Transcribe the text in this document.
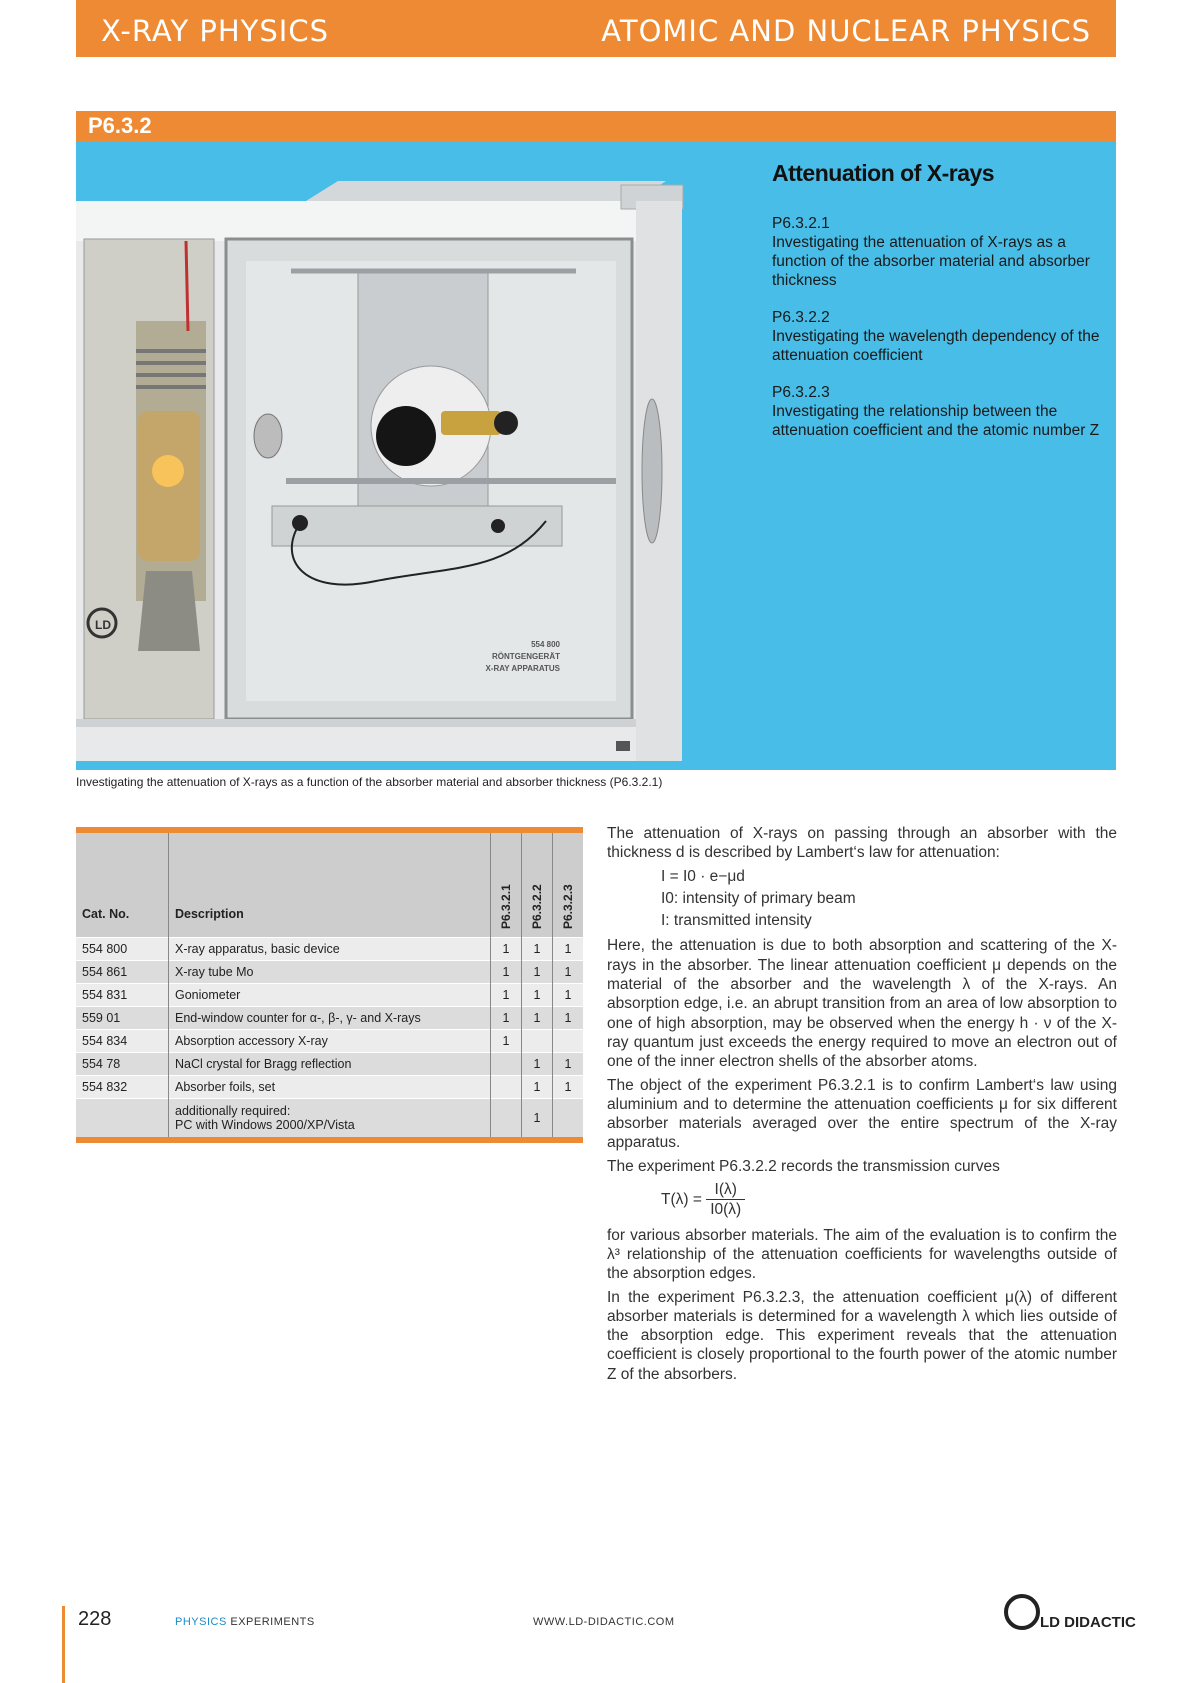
X-RAY PHYSICS	ATOMIC AND NUCLEAR PHYSICS
P6.3.2
LD
554 800
RÖNTGENGERÄT
X-RAY APPARATUS
Attenuation of X-rays
P6.3.2.1
Investigating the attenuation of X-rays as a function of the absorber material and absorber thickness
P6.3.2.2
Investigating the wavelength dependency of the attenuation coefficient
P6.3.2.3
Investigating the relationship between the attenuation coefficient and the atomic number Z
Investigating the attenuation of X-rays as a function of the absorber material and absorber thickness (P6.3.2.1)
Cat. No.	Description	P6.3.2.1	P6.3.2.2	P6.3.2.3

554 800	X-ray apparatus, basic device	1	1	1
554 861	X-ray tube Mo	1	1	1
554 831	Goniometer	1	1	1
559 01	End-window counter for α-, β-, γ- and X-rays	1	1	1
554 834	Absorption accessory X-ray	1		
554 78	NaCl crystal for Bragg reflection		1	1
554 832	Absorber foils, set		1	1

	additionally required:
PC with Windows 2000/XP/Vista		1	

The attenuation of X-rays on passing through an absorber with the thickness d is described by Lambert‘s law for attenuation:

I = I0 · e−μd
I0: intensity of primary beam
I: transmitted intensity

Here, the attenuation is due to both absorption and scattering of the X-rays in the absorber. The linear attenuation coefficient μ depends on the material of the absorber and the wavelength λ of the X-rays. An absorption edge, i.e. an abrupt transition from an area of low absorption to one of high absorption, may be observed when the energy h · ν of the X-ray quantum just exceeds the energy required to move an electron out of one of the inner electron shells of the absorber atoms.

The object of the experiment P6.3.2.1 is to confirm Lambert‘s law using aluminium and to determine the attenuation coefficients μ for six different absorber materials averaged over the entire spectrum of the X-ray apparatus.

The experiment P6.3.2.2 records the transmission curves

$T(\lambda) = \frac{I(\lambda)}{I0(\lambda)}$

for various absorber materials. The aim of the evaluation is to confirm the λ³ relationship of the attenuation coefficients for wavelengths outside of the absorption edges.

In the experiment P6.3.2.3, the attenuation coefficient μ(λ) of different absorber materials is determined for a wavelength λ which lies outside of the absorption edge. This experiment reveals that the attenuation coefficient is closely proportional to the fourth power of the atomic number Z of the absorbers.

228	PHYSICS EXPERIMENTS	WWW.LD-DIDACTIC.COM	LD DIDACTIC
